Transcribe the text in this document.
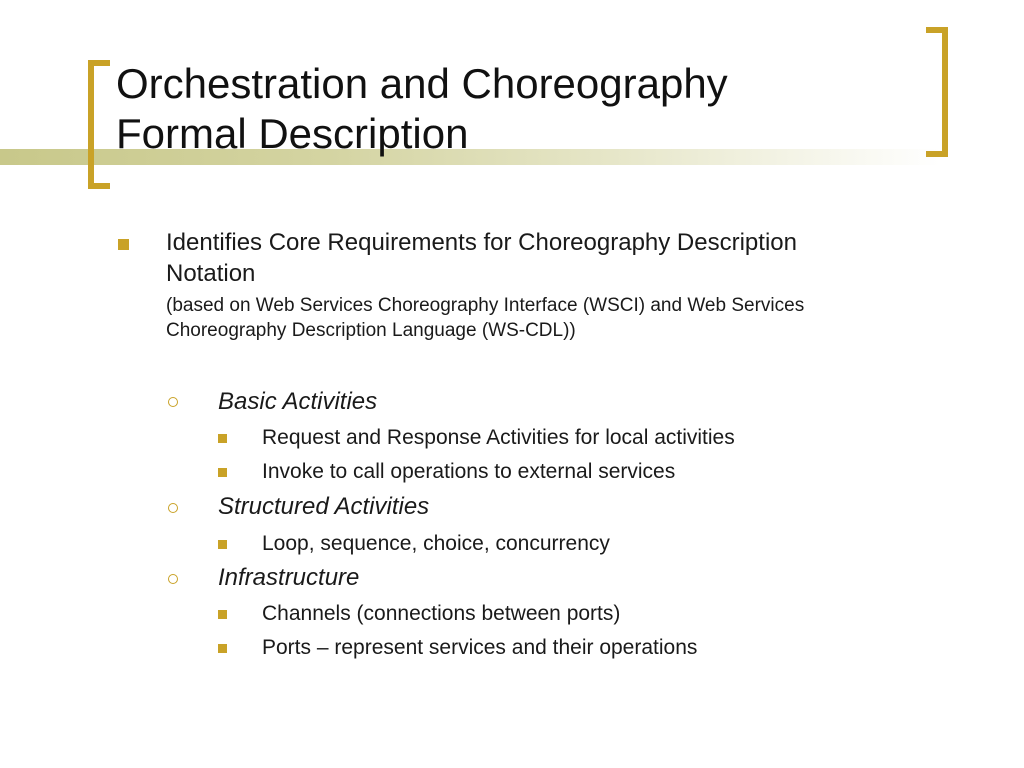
Orchestration and Choreography
Formal Description

Identifies Core Requirements for Choreography Description

Notation

(based on Web Services Choreography Interface (WSCI) and Web Services

Choreography Description Language (WS-CDL))

Basic Activities

Request and Response Activities for local activities

Invoke to call operations to external services

Structured Activities

Loop, sequence, choice, concurrency

Infrastructure

Channels (connections between ports)

Ports – represent services and their operations
